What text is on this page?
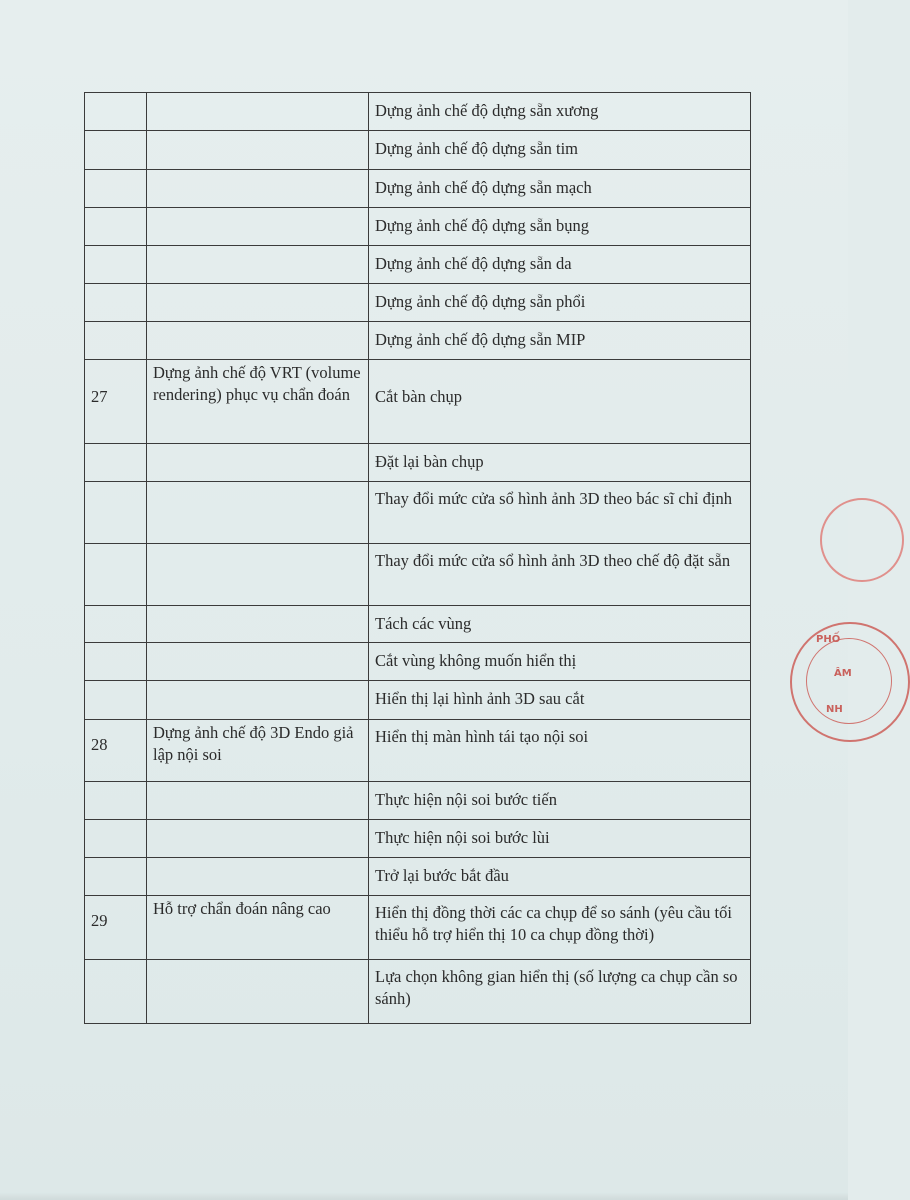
PHỐ
ÂM
NH

		Dựng ảnh chế độ dựng sẵn xương

		Dựng ảnh chế độ dựng sẵn tim

		Dựng ảnh chế độ dựng sẵn mạch

		Dựng ảnh chế độ dựng sẵn bụng

		Dựng ảnh chế độ dựng sẵn da

		Dựng ảnh chế độ dựng sẵn phổi

		Dựng ảnh chế độ dựng sẵn MIP

27	Dựng ảnh chế độ VRT (volume rendering) phục vụ chẩn đoán	Cắt bàn chụp

		Đặt lại bàn chụp

		Thay đổi mức cửa sổ hình ảnh 3D theo bác sĩ chỉ định

		Thay đổi mức cửa sổ hình ảnh 3D theo chế độ đặt sẵn

		Tách các vùng

		Cắt vùng không muốn hiển thị

		Hiển thị lại hình ảnh 3D sau cắt

28	Dựng ảnh chế độ 3D Endo giả lập nội soi	Hiển thị màn hình tái tạo nội soi

		Thực hiện nội soi bước tiến

		Thực hiện nội soi bước lùi

		Trở lại bước bắt đầu

29	Hỗ trợ chẩn đoán nâng cao	Hiển thị đồng thời các ca chụp để so sánh (yêu cầu tối thiểu hỗ trợ hiển thị 10 ca chụp đồng thời)

		Lựa chọn không gian hiển thị (số lượng ca chụp cần so sánh)
